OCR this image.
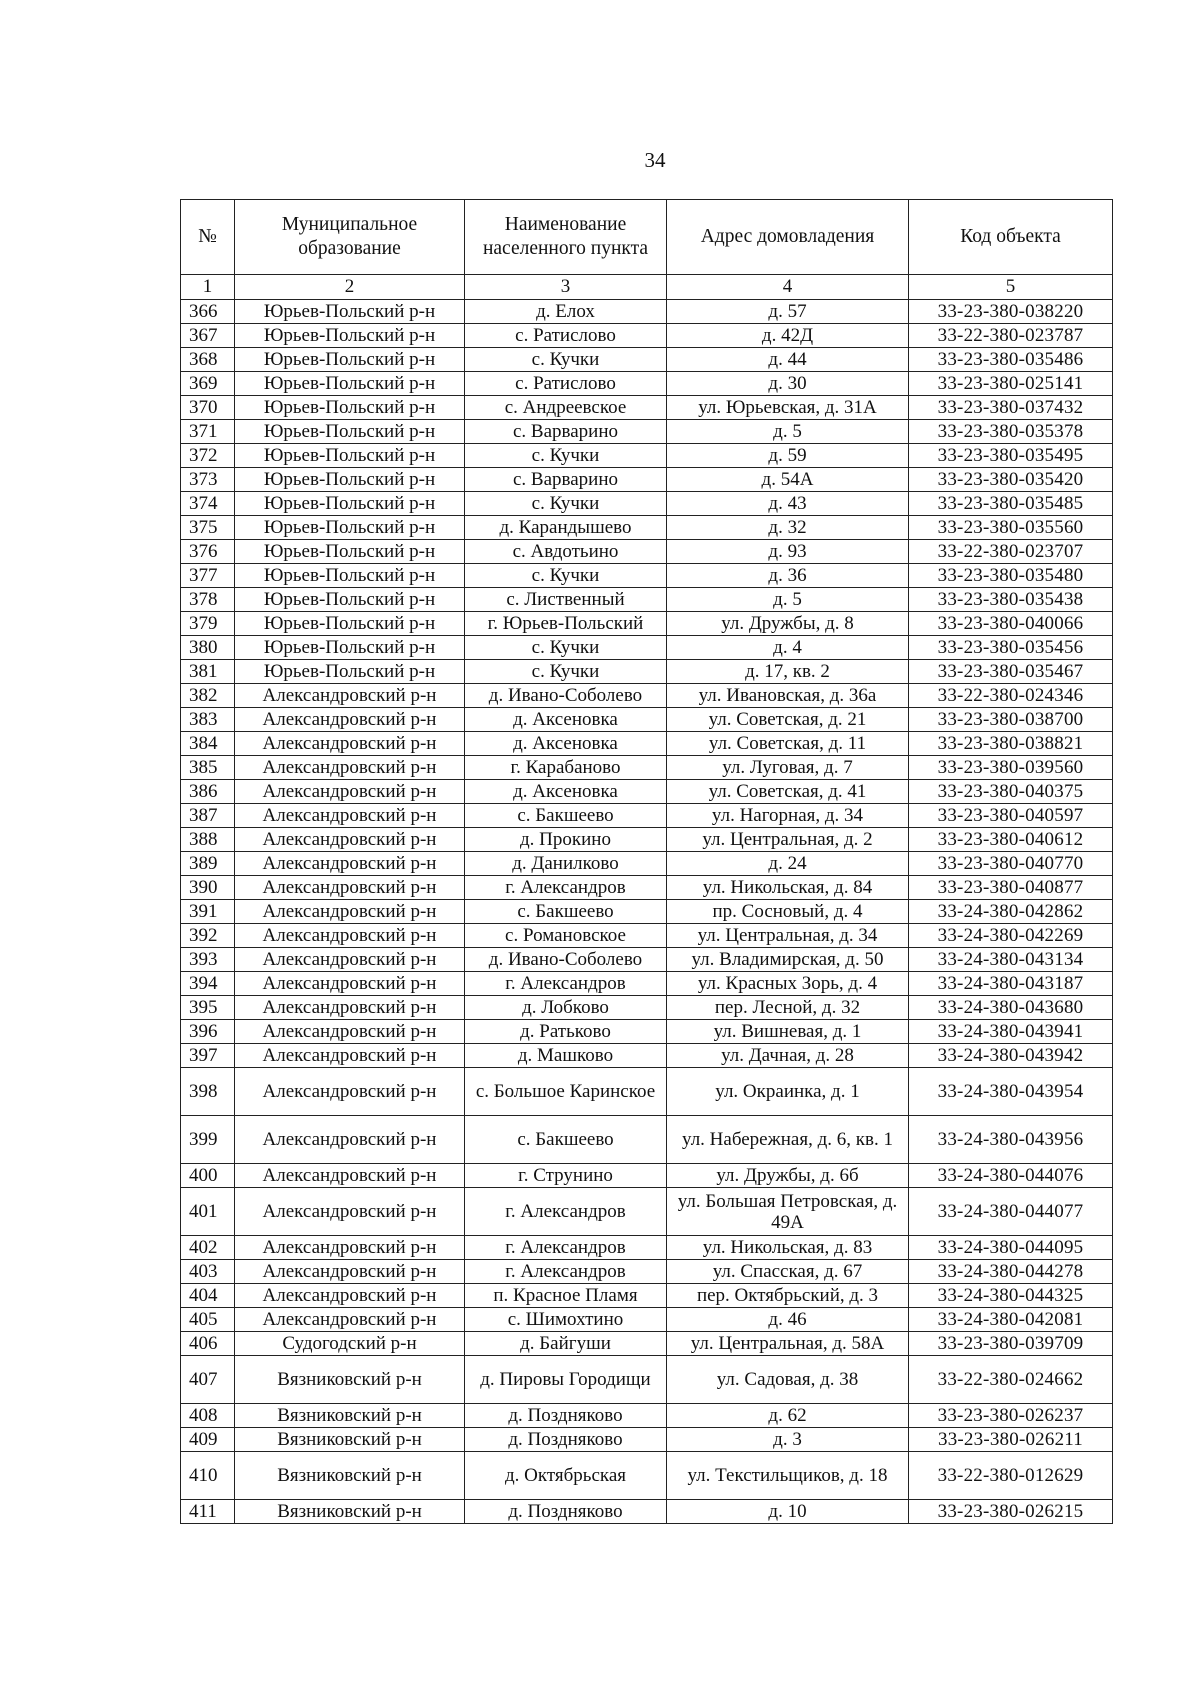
34
№	Муниципальное образование	Наименование населенного пункта	Адрес домовладения	Код объекта
1	2	3	4	5
366	Юрьев-Польский р-н	д. Елох	д. 57	33-23-380-038220
367	Юрьев-Польский р-н	с. Ратислово	д. 42Д	33-22-380-023787
368	Юрьев-Польский р-н	с. Кучки	д. 44	33-23-380-035486
369	Юрьев-Польский р-н	с. Ратислово	д. 30	33-23-380-025141
370	Юрьев-Польский р-н	с. Андреевское	ул. Юрьевская, д. 31А	33-23-380-037432
371	Юрьев-Польский р-н	с. Варварино	д. 5	33-23-380-035378
372	Юрьев-Польский р-н	с. Кучки	д. 59	33-23-380-035495
373	Юрьев-Польский р-н	с. Варварино	д. 54А	33-23-380-035420
374	Юрьев-Польский р-н	с. Кучки	д. 43	33-23-380-035485
375	Юрьев-Польский р-н	д. Карандышево	д. 32	33-23-380-035560
376	Юрьев-Польский р-н	с. Авдотьино	д. 93	33-22-380-023707
377	Юрьев-Польский р-н	с. Кучки	д. 36	33-23-380-035480
378	Юрьев-Польский р-н	с. Лиственный	д. 5	33-23-380-035438
379	Юрьев-Польский р-н	г. Юрьев-Польский	ул. Дружбы, д. 8	33-23-380-040066
380	Юрьев-Польский р-н	с. Кучки	д. 4	33-23-380-035456
381	Юрьев-Польский р-н	с. Кучки	д. 17, кв. 2	33-23-380-035467
382	Александровский р-н	д. Ивано-Соболево	ул. Ивановская, д. 36а	33-22-380-024346
383	Александровский р-н	д. Аксеновка	ул. Советская, д. 21	33-23-380-038700
384	Александровский р-н	д. Аксеновка	ул. Советская, д. 11	33-23-380-038821
385	Александровский р-н	г. Карабаново	ул. Луговая, д. 7	33-23-380-039560
386	Александровский р-н	д. Аксеновка	ул. Советская, д. 41	33-23-380-040375
387	Александровский р-н	с. Бакшеево	ул. Нагорная, д. 34	33-23-380-040597
388	Александровский р-н	д. Прокино	ул. Центральная, д. 2	33-23-380-040612
389	Александровский р-н	д. Данилково	д. 24	33-23-380-040770
390	Александровский р-н	г. Александров	ул. Никольская, д. 84	33-23-380-040877
391	Александровский р-н	с. Бакшеево	пр. Сосновый, д. 4	33-24-380-042862
392	Александровский р-н	с. Романовское	ул. Центральная, д. 34	33-24-380-042269
393	Александровский р-н	д. Ивано-Соболево	ул. Владимирская, д. 50	33-24-380-043134
394	Александровский р-н	г. Александров	ул. Красных Зорь, д. 4	33-24-380-043187
395	Александровский р-н	д. Лобково	пер. Лесной, д. 32	33-24-380-043680
396	Александровский р-н	д. Ратьково	ул. Вишневая, д. 1	33-24-380-043941
397	Александровский р-н	д. Машково	ул. Дачная, д. 28	33-24-380-043942
398	Александровский р-н	с. Большое Каринское	ул. Окраинка, д. 1	33-24-380-043954
399	Александровский р-н	с. Бакшеево	ул. Набережная, д. 6, кв. 1	33-24-380-043956
400	Александровский р-н	г. Струнино	ул. Дружбы, д. 6б	33-24-380-044076
401	Александровский р-н	г. Александров	ул. Большая Петровская, д. 49А	33-24-380-044077
402	Александровский р-н	г. Александров	ул. Никольская, д. 83	33-24-380-044095
403	Александровский р-н	г. Александров	ул. Спасская, д. 67	33-24-380-044278
404	Александровский р-н	п. Красное Пламя	пер. Октябрьский, д. 3	33-24-380-044325
405	Александровский р-н	с. Шимохтино	д. 46	33-24-380-042081
406	Судогодский р-н	д. Байгуши	ул. Центральная, д. 58А	33-23-380-039709
407	Вязниковский р-н	д. Пировы Городищи	ул. Садовая, д. 38	33-22-380-024662
408	Вязниковский р-н	д. Поздняково	д. 62	33-23-380-026237
409	Вязниковский р-н	д. Поздняково	д. 3	33-23-380-026211
410	Вязниковский р-н	д. Октябрьская	ул. Текстильщиков, д. 18	33-22-380-012629
411	Вязниковский р-н	д. Поздняково	д. 10	33-23-380-026215
